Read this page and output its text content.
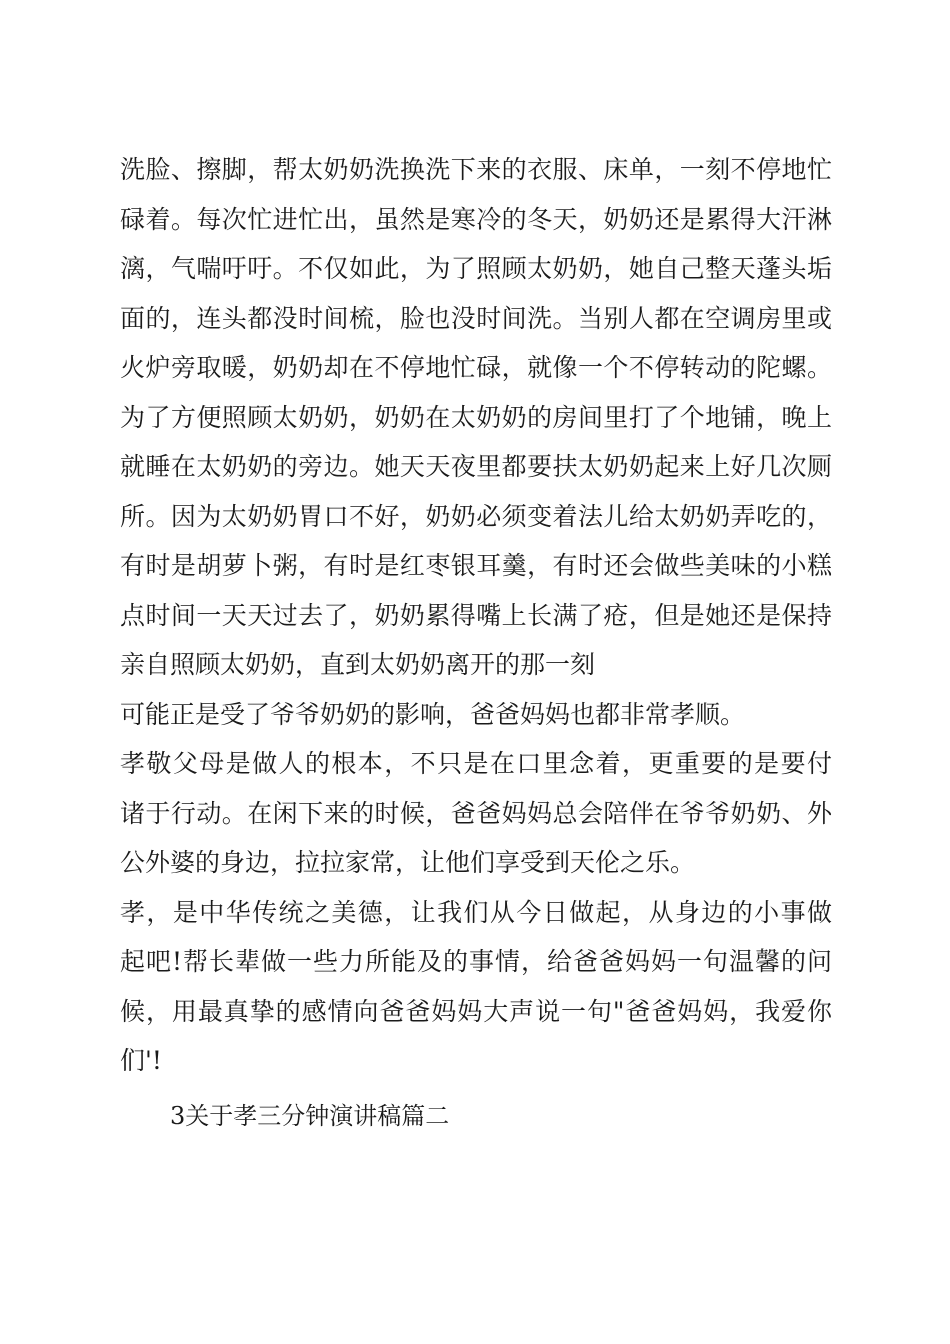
洗脸、擦脚，帮太奶奶洗换洗下来的衣服、床单，一刻不停地忙
碌着。每次忙进忙出，虽然是寒冷的冬天，奶奶还是累得大汗淋
漓，气喘吁吁。不仅如此，为了照顾太奶奶，她自己整天蓬头垢
面的，连头都没时间梳，脸也没时间洗。当别人都在空调房里或
火炉旁取暖，奶奶却在不停地忙碌，就像一个不停转动的陀螺。
为了方便照顾太奶奶，奶奶在太奶奶的房间里打了个地铺，晚上
就睡在太奶奶的旁边。她天天夜里都要扶太奶奶起来上好几次厕
所。因为太奶奶胃口不好，奶奶必须变着法儿给太奶奶弄吃的，
有时是胡萝卜粥，有时是红枣银耳羹，有时还会做些美味的小糕
点时间一天天过去了，奶奶累得嘴上长满了疮，但是她还是保持
亲自照顾太奶奶，直到太奶奶离开的那一刻
可能正是受了爷爷奶奶的影响，爸爸妈妈也都非常孝顺。
孝敬父母是做人的根本，不只是在口里念着，更重要的是要付
诸于行动。在闲下来的时候，爸爸妈妈总会陪伴在爷爷奶奶、外
公外婆的身边，拉拉家常，让他们享受到天伦之乐。
孝，是中华传统之美德，让我们从今日做起，从身边的小事做
起吧!帮长辈做一些力所能及的事情，给爸爸妈妈一句温馨的问
候，用最真挚的感情向爸爸妈妈大声说一句"爸爸妈妈，我爱你
们'!
3关于孝三分钟演讲稿篇二
